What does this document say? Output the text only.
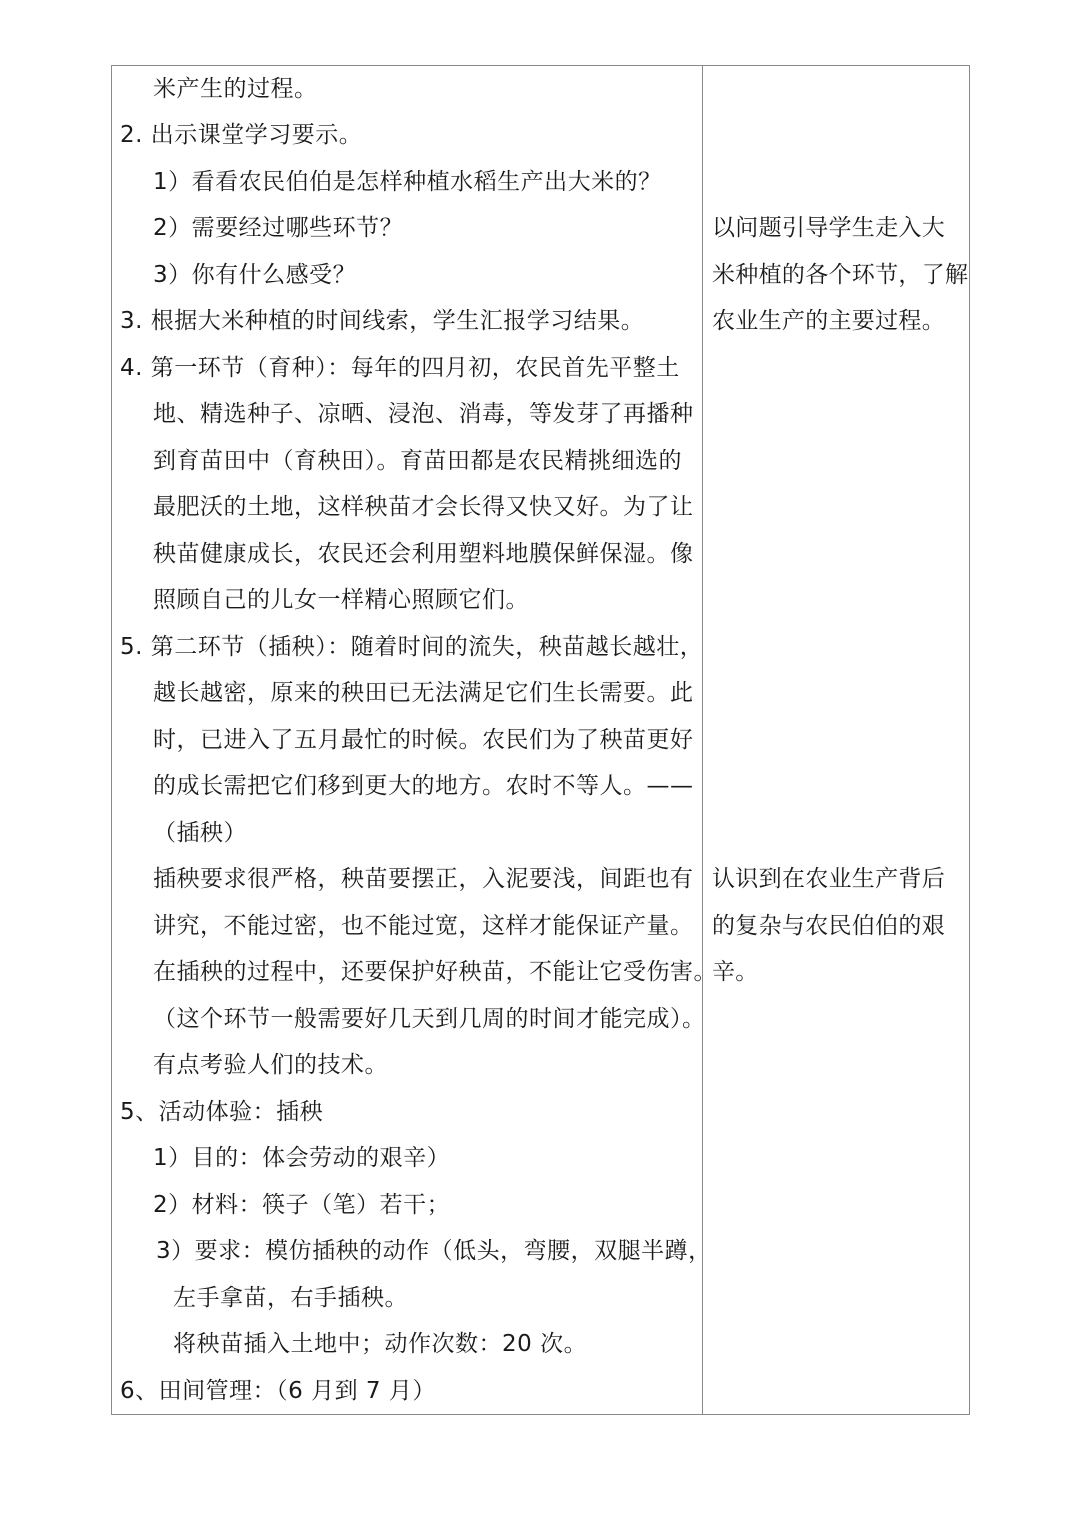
米产生的过程。
2. 出示课堂学习要示。
1）看看农民伯伯是怎样种植水稻生产出大米的？
2）需要经过哪些环节？
3）你有什么感受？
3. 根据大米种植的时间线索，学生汇报学习结果。
4. 第一环节（育种）：每年的四月初，农民首先平整土
地、精选种子、凉晒、浸泡、消毒，等发芽了再播种
到育苗田中（育秧田）。育苗田都是农民精挑细选的
最肥沃的土地，这样秧苗才会长得又快又好。为了让
秧苗健康成长，农民还会利用塑料地膜保鲜保湿。像
照顾自己的儿女一样精心照顾它们。
5. 第二环节（插秧）：随着时间的流失，秧苗越长越壮，
越长越密，原来的秧田已无法满足它们生长需要。此
时，已进入了五月最忙的时候。农民们为了秧苗更好
的成长需把它们移到更大的地方。农时不等人。——
（插秧）
插秧要求很严格，秧苗要摆正，入泥要浅，间距也有
讲究，不能过密，也不能过宽，这样才能保证产量。
在插秧的过程中，还要保护好秧苗，不能让它受伤害。
（这个环节一般需要好几天到几周的时间才能完成）。
有点考验人们的技术。
5、活动体验：插秧
1）目的：体会劳动的艰辛）
2）材料：筷子（笔）若干；
3）要求：模仿插秧的动作（低头，弯腰，双腿半蹲，
左手拿苗，右手插秧。
将秧苗插入土地中；动作次数：20 次。
6、田间管理：（6 月到 7 月）
以问题引导学生走入大
米种植的各个环节，了解
农业生产的主要过程。
认识到在农业生产背后
的复杂与农民伯伯的艰
辛。
